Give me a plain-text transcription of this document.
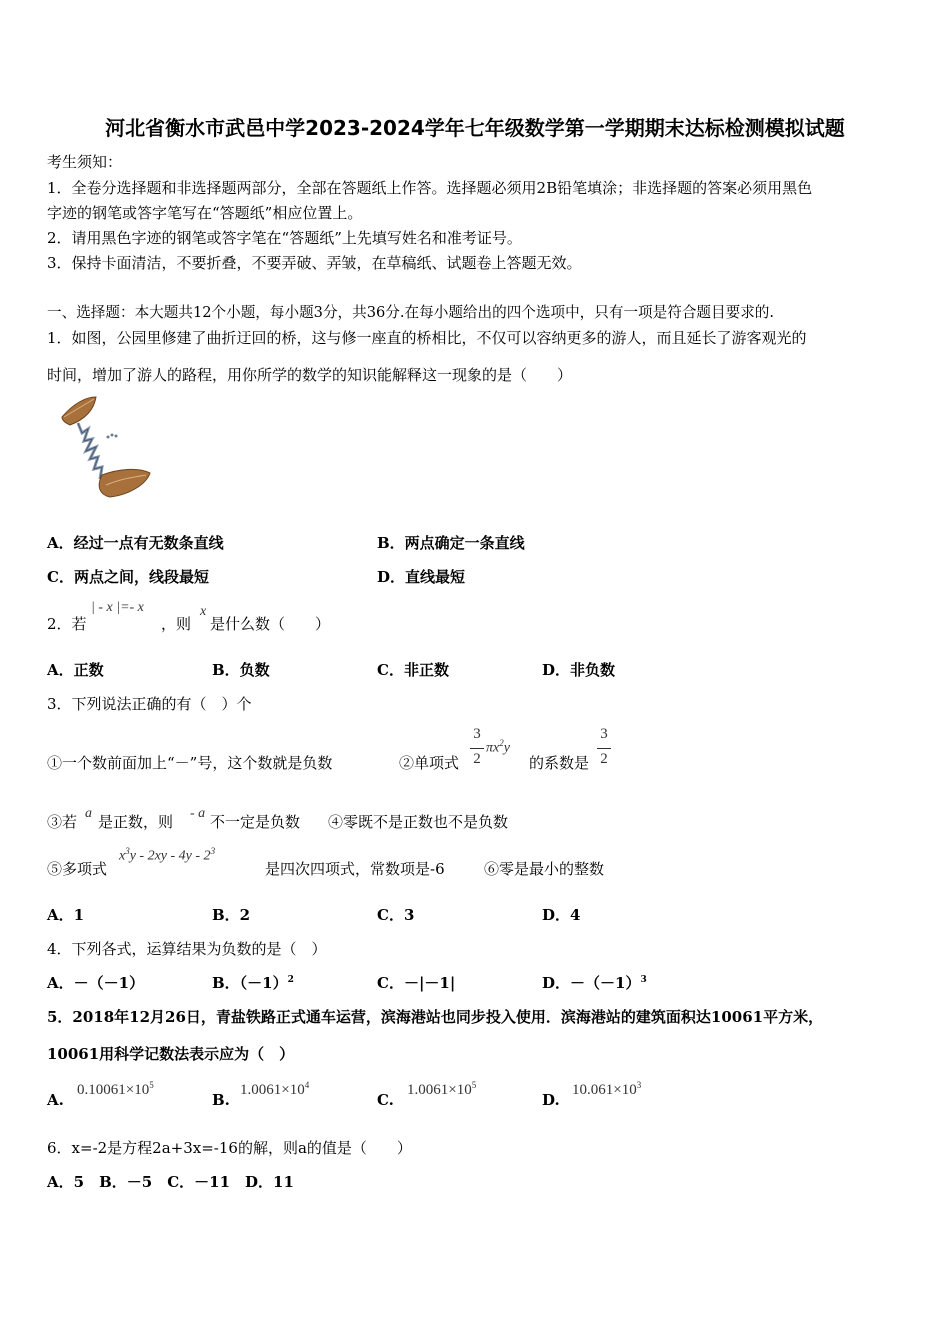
河北省衡水市武邑中学2023-2024学年七年级数学第一学期期末达标检测模拟试题
考生须知：
1．全卷分选择题和非选择题两部分，全部在答题纸上作答。选择题必须用2B铅笔填涂；非选择题的答案必须用黑色
字迹的钢笔或答字笔写在“答题纸”相应位置上。
2．请用黑色字迹的钢笔或答字笔在“答题纸”上先填写姓名和准考证号。
3．保持卡面清洁，不要折叠，不要弄破、弄皱，在草稿纸、试题卷上答题无效。
一、选择题：本大题共12个小题，每小题3分，共36分.在每小题给出的四个选项中，只有一项是符合题目要求的.
1．如图，公园里修建了曲折迂回的桥，这与修一座直的桥相比，不仅可以容纳更多的游人，而且延长了游客观光的
时间，增加了游人的路程，用你所学的数学的知识能解释这一现象的是（　　）
A．经过一点有无数条直线	B．两点确定一条直线
C．两点之间，线段最短	D．直线最短
2．若
| - x |=- x
，则
x
是什么数（　　）
A．正数	B．负数	C．非正数	D．非负数
3．下列说法正确的有（　）个
①一个数前面加上“－”号，这个数就是负数	②单项式
3
2
$\pi x^2y$
的系数是
3
2
③若 a 是正数，则 - a 不一定是负数 ④零既不是正数也不是负数
⑤多项式
$x^3y - 2xy - 4y - 2^3$
是四次四项式，常数项是-6	⑥零是最小的整数
A．1	B．2	C．3	D．4
4．下列各式，运算结果为负数的是（　）
A．－（－1）	B．$(-1)^2$	C．－|－1|	D．$-(-1)^3$
5．2018年12月26日，青盐铁路正式通车运营，滨海港站也同步投入使用．滨海港站的建筑面积达10061平方米，
10061用科学记数法表示应为（　）
A.
$0.10061\times 10^5$
B.
$1.0061\times 10^4$
C.
$1.0061\times 10^5$
D.
$10.061\times 10^3$
6．x=-2是方程2a+3x=-16的解，则a的值是（　　）
A．5　B．－5　C．－11　D．11
